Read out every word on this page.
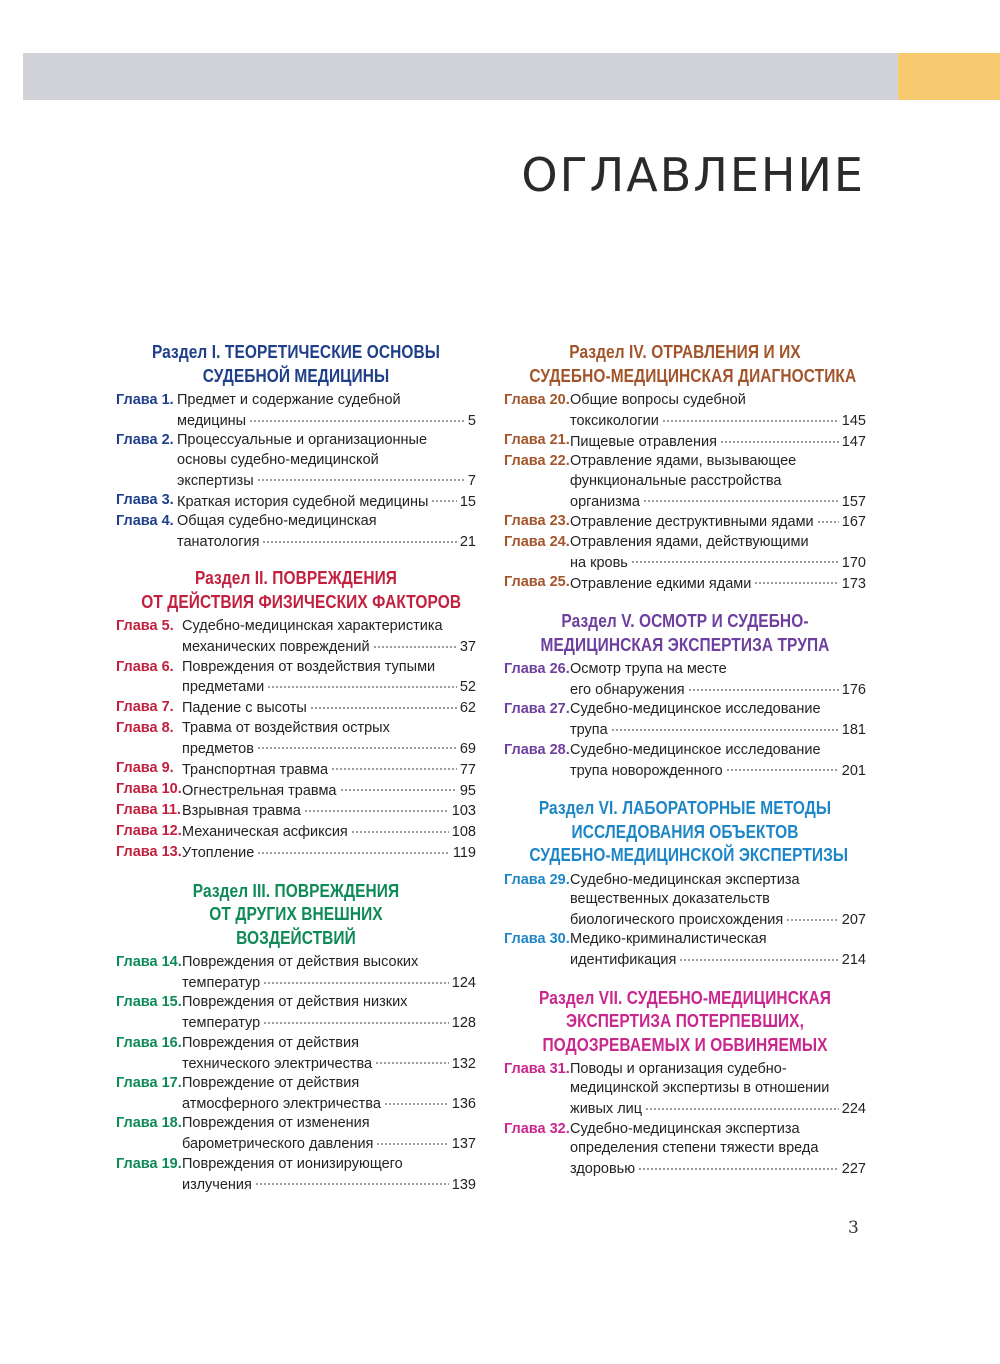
ОГЛАВЛЕНИЕ
Раздел I. ТЕОРЕТИЧЕСКИЕ ОСНОВЫ
СУДЕБНОЙ МЕДИЦИНЫ
Глава 1. Предмет и содержание судебной
медицины	5
Глава 2. Процессуальные и организационные
основы судебно-медицинской
экспертизы	7
Глава 3. Краткая история судебной медицины 15
Глава 4. Общая судебно-медицинская
танатология	21
Раздел II. ПОВРЕЖДЕНИЯ
ОТ ДЕЙСТВИЯ ФИЗИЧЕСКИХ ФАКТОРОВ
Глава 5. Судебно-медицинская характеристика
механических повреждений	37
Глава 6. Повреждения от воздействия тупыми
предметами	52
Глава 7. Падение с высоты	62
Глава 8. Травма от воздействия острых
предметов	69
Глава 9. Транспортная травма	77
Глава 10. Огнестрельная травма	95
Глава 11. Взрывная травма	103
Глава 12. Механическая асфиксия	108
Глава 13. Утопление	119
Раздел III. ПОВРЕЖДЕНИЯ
ОТ ДРУГИХ ВНЕШНИХ
ВОЗДЕЙСТВИЙ
Глава 14. Повреждения от действия высоких
температур	124
Глава 15. Повреждения от действия низких
температур	128
Глава 16. Повреждения от действия
технического электричества	132
Глава 17. Повреждение от действия
атмосферного электричества	136
Глава 18. Повреждения от изменения
барометрического давления	137
Глава 19. Повреждения от ионизирующего
излучения	139
Раздел IV. ОТРАВЛЕНИЯ И ИХ
СУДЕБНО-МЕДИЦИНСКАЯ ДИАГНОСТИКА
Глава 20. Общие вопросы судебной
токсикологии	145
Глава 21. Пищевые отравления	147
Глава 22. Отравление ядами, вызывающее
функциональные расстройства
организма	157
Глава 23. Отравление деструктивными ядами 167
Глава 24. Отравления ядами, действующими
на кровь	170
Глава 25. Отравление едкими ядами	173
Раздел V. ОСМОТР И СУДЕБНО-
МЕДИЦИНСКАЯ ЭКСПЕРТИЗА ТРУПА
Глава 26. Осмотр трупа на месте
его обнаружения	176
Глава 27. Судебно-медицинское исследование
трупа	181
Глава 28. Судебно-медицинское исследование
трупа новорожденного	201
Раздел VI. ЛАБОРАТОРНЫЕ МЕТОДЫ
ИССЛЕДОВАНИЯ ОБЪЕКТОВ
СУДЕБНО-МЕДИЦИНСКОЙ ЭКСПЕРТИЗЫ
Глава 29. Судебно-медицинская экспертиза
вещественных доказательств
биологического происхождения	207
Глава 30. Медико-криминалистическая
идентификация	214
Раздел VII. СУДЕБНО-МЕДИЦИНСКАЯ
ЭКСПЕРТИЗА ПОТЕРПЕВШИХ,
ПОДОЗРЕВАЕМЫХ И ОБВИНЯЕМЫХ
Глава 31. Поводы и организация судебно-
медицинской экспертизы в отношении
живых лиц	224
Глава 32. Судебно-медицинская экспертиза
определения степени тяжести вреда
здоровью	227
3
